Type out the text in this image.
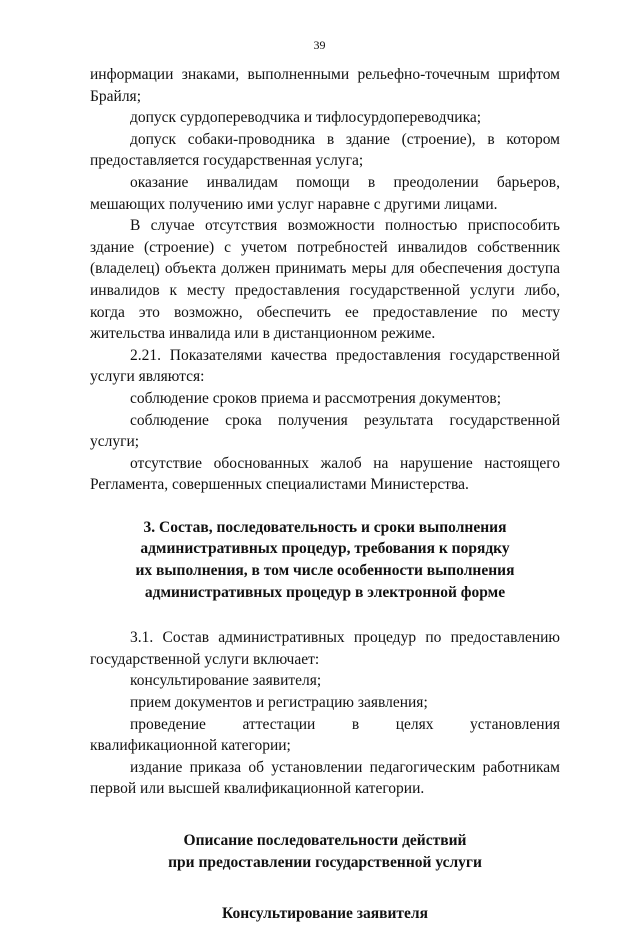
39

информации знаками, выполненными рельефно-точечным шрифтом Брайля;

допуск сурдопереводчика и тифлосурдопереводчика;

допуск собаки-проводника в здание (строение), в котором предоставляется государственная услуга;

оказание инвалидам помощи в преодолении барьеров, мешающих получению ими услуг наравне с другими лицами.

В случае отсутствия возможности полностью приспособить здание (строение) с учетом потребностей инвалидов собственник (владелец) объекта должен принимать меры для обеспечения доступа инвалидов к месту предоставления государственной услуги либо, когда это возможно, обеспечить ее предоставление по месту жительства инвалида или в дистанционном режиме.

2.21. Показателями качества предоставления государственной услуги являются:

соблюдение сроков приема и рассмотрения документов;

соблюдение срока получения результата государственной услуги;

отсутствие обоснованных жалоб на нарушение настоящего Регламента, совершенных специалистами Министерства.

3. Состав, последовательность и сроки выполнения

административных процедур, требования к порядку

их выполнения, в том числе особенности выполнения

административных процедур в электронной форме

3.1. Состав административных процедур по предоставлению государственной услуги включает:

консультирование заявителя;

прием документов и регистрацию заявления;

проведение аттестации в целях установления квалификационной категории;

издание приказа об установлении педагогическим работникам первой или высшей квалификационной категории.

Описание последовательности действий

при предоставлении государственной услуги

Консультирование заявителя
